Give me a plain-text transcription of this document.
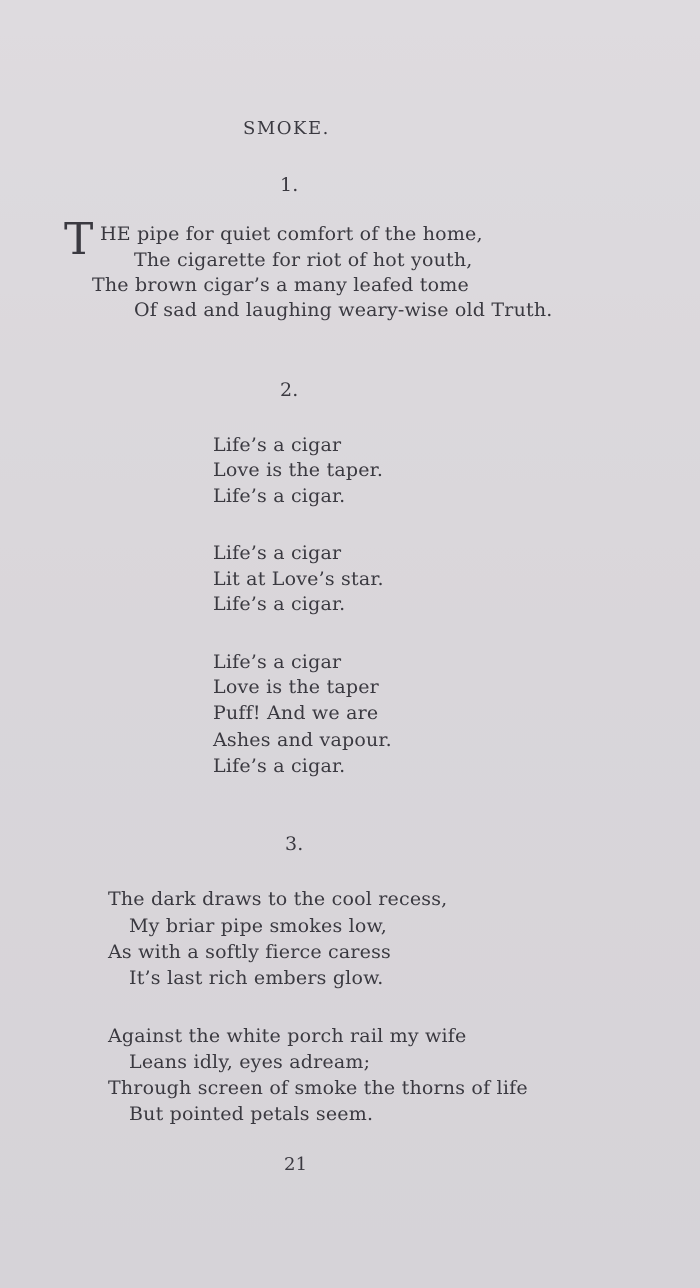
SMOKE.
1.
T HE pipe for quiet comfort of the home,
The cigarette for riot of hot youth,
The brown cigar’s a many leafed tome
Of sad and laughing weary-wise old Truth.
2.
Life’s a cigar
Love is the taper.
Life’s a cigar.
Life’s a cigar
Lit at Love’s star.
Life’s a cigar.
Life’s a cigar
Love is the taper
Puff! And we are
Ashes and vapour.
Life’s a cigar.
3.
The dark draws to the cool recess,
My briar pipe smokes low,
As with a softly fierce caress
It’s last rich embers glow.
Against the white porch rail my wife
Leans idly, eyes adream;
Through screen of smoke the thorns of life
But pointed petals seem.
21
